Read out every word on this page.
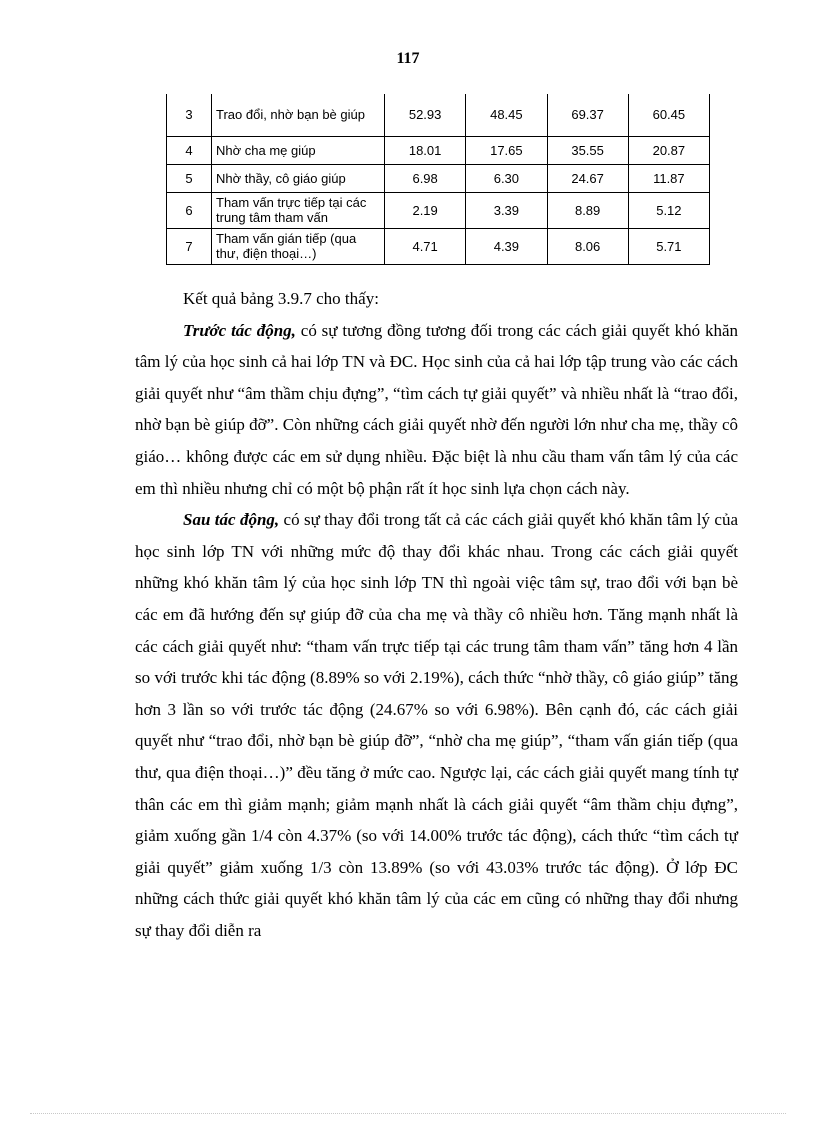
117
3	Trao đổi, nhờ bạn bè giúp	52.93	48.45	69.37	60.45
4	Nhờ cha mẹ giúp	18.01	17.65	35.55	20.87
5	Nhờ thầy, cô giáo giúp	6.98	6.30	24.67	11.87
6	Tham vấn trực tiếp tại các trung tâm tham vấn	2.19	3.39	8.89	5.12
7	Tham vấn gián tiếp (qua thư, điện thoại…)	4.71	4.39	8.06	5.71

Kết quả bảng 3.9.7 cho thấy:

Trước tác động, có sự tương đồng tương đối trong các cách giải quyết khó khăn tâm lý của học sinh cả hai lớp TN và ĐC. Học sinh của cả hai lớp tập trung vào các cách giải quyết như “âm thầm chịu đựng”, “tìm cách tự giải quyết” và nhiều nhất là “trao đổi, nhờ bạn bè giúp đỡ”. Còn những cách giải quyết nhờ đến người lớn như cha mẹ, thầy cô giáo… không được các em sử dụng nhiều. Đặc biệt là nhu cầu tham vấn tâm lý của các em thì nhiều nhưng chỉ có một bộ phận rất ít học sinh lựa chọn cách này.

Sau tác động, có sự thay đổi trong tất cả các cách giải quyết khó khăn tâm lý của học sinh lớp TN với những mức độ thay đổi khác nhau. Trong các cách giải quyết những khó khăn tâm lý của học sinh lớp TN thì ngoài việc tâm sự, trao đổi với bạn bè các em đã hướng đến sự giúp đỡ của cha mẹ và thầy cô nhiều hơn. Tăng mạnh nhất là các cách giải quyết như: “tham vấn trực tiếp tại các trung tâm tham vấn” tăng hơn 4 lần so với trước khi tác động (8.89% so với 2.19%), cách thức “nhờ thầy, cô giáo giúp” tăng hơn 3 lần so với trước tác động (24.67% so với 6.98%). Bên cạnh đó, các cách giải quyết như “trao đổi, nhờ bạn bè giúp đỡ”, “nhờ cha mẹ giúp”, “tham vấn gián tiếp (qua thư, qua điện thoại…)” đều tăng ở mức cao. Ngược lại, các cách giải quyết mang tính tự thân các em thì giảm mạnh; giảm mạnh nhất là cách giải quyết “âm thầm chịu đựng”, giảm xuống gần 1/4 còn 4.37% (so với 14.00% trước tác động), cách thức “tìm cách tự giải quyết” giảm xuống 1/3 còn 13.89% (so với 43.03% trước tác động). Ở lớp ĐC những cách thức giải quyết khó khăn tâm lý của các em cũng có những thay đổi nhưng sự thay đổi diễn ra
